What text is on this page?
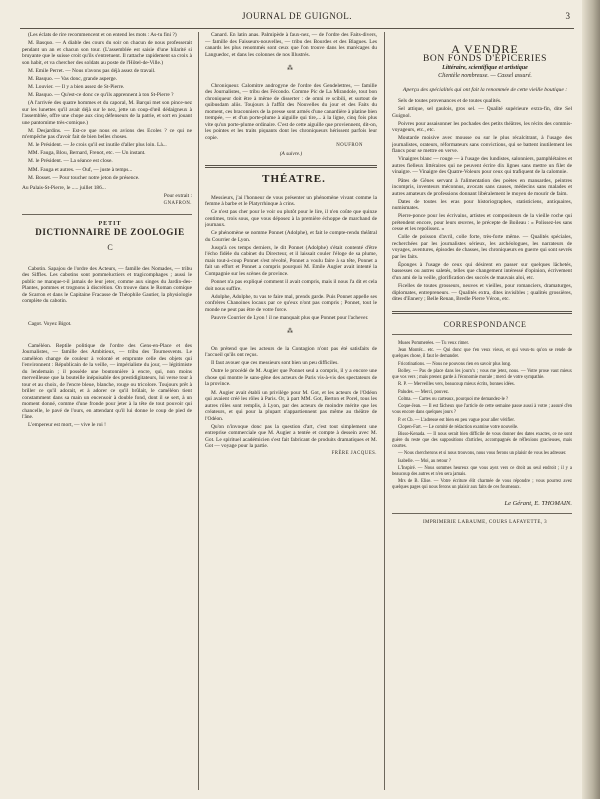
JOURNAL DE GUIGNOL.	3

(Les éclats de rire recommencent et on entend les mots : As-tu fini ?)

M. Basquo. — A diable des cours du soir on chacun de nous professerait pendant un an et chacun son tour. (L'assemblée est saisie d'une hilarité si bruyante que le suisse croit qu'ils s'entretuent. Il rattache rapidement sa croix à son habit, et va chercher des soldats au poste de l'Hôtel-de-Ville.)

M. Emile Perret. — Nous n'avons pas déjà assez de travail.

M. Basquo. — Vas donc, grande asperge.

M. Louvier. — Il y a bien assez de St-Pierre.

M. Basquo. — Qu'est-ce donc ce qu'ils apprennent à ton St-Pierre ?

(A l'arrivée des quatre hommes et du caporal, M. Barqui met son pince-nez sur les lunettes qu'il avait déjà sur le nez, jette un coup-d'œil dédaigneux à l'assemblée, offre une chope aux cinq défenseurs de la patrie, et sort en jouant une pantomime très-comique.)

M. Desjardins. — Est-ce que nous en avions des Ecoles ? ce qui ne m'empêche pas d'avoir fait de bien belles choses.

M. le Président. — Je crois qu'il est inutile d'aller plus loin. Là...

MM. Fauga, Blou, Bernard, Frenot, etc. — Un instant.

M. le Président. — La séance est close.

MM. Fauga et autres. — Ouf, — juste à temps...

M. Bosset. — Pour toucher notre jeton de présence.

Au Palais-St-Pierre, le ..... juillet 186...

Pour extrait :

GNAFRON.

PETIT

DICTIONNAIRE DE ZOOLOGIE

C

Cabotin. Sapajou de l'ordre des Acteurs, — famille des Nomades, — tribu des Siffles. Les cabotins sont pommeluctiers et tragicomphages ; aussi le public ne manque-t-il jamais de leur jeter, comme aux singes du Jardin-des-Plantes, pommes et trognons à discrétion. On trouve dans le Roman comique de Scarron et dans le Capitaine Fracasse de Théophile Gautier, la physiologie complète du cabotin.

Cagot. Voyez Bigot.

Caméléon. Reptile politique de l'ordre des Gens-en-Place et des Journalistes, — famille des Ambitieux, — tribu des Tournesvents. Le caméléon change de couleur à volonté et emprunte celle des objets qui l'environnent : Républicain de la veille, — impérialiste du jour, — légitimiste du lendemain ; il possède une boutonnière à encre, qui, non moins merveilleuse que la bouteille inépuisable des prestidigitateurs, lui verse tour à tour et au choix, de l'encre bleue, blanche, rouge ou tricolore. Toujours prêt à briller ce qu'il adorait, et à adorer ce qu'il brûlait, le caméléon tient constamment dans sa main un encensoir à double fond, dont il se sert, à un moment donné, comme d'une fronde pour jeter à la tête de tout pouvoir qui chancelle, le pavé de l'ours, en attendant qu'il lui donne le coup de pied de l'âne.

L'empereur est mort, — vive le roi !

Canard. En latin anas. Palmipède à faux-nez, — de l'ordre des Faits-divers, — famille des Faisseurs-nouvelles, — tribu des Bourdes et des Blagues. Les canards les plus renommés sont ceux que l'on trouve dans les marécages du Languedoc, et dans les colonnes de nos Illustrés.

⁂

Chroniqueur. Calomitre androgyne de l'ordre des Gendelettres, — famille des Journalistes, — tribu des Fécondo. Comme Pic de La Mirandole, tout bon chroniqueur doit être à même de disserter : de omni re scibili, et surtout de quibusdam aliis. Toujours à l'affût des Nouvelles du jour et des Faits du moment, ces braconniers de la presse sont armés d'une canardière à platine bien trempée, — et d'un porte-plume à aiguille qui tire,... à la ligne, cinq fois plus vite qu'un porte-plume ordinaire. C'est de cette aiguille que proviennent, dit-on, les pointes et les traits piquants dont les chroniqueurs hérissent parfois leur copie.

NOUFRON

(A suivre.)

THÉATRE.

Messieurs, j'ai l'honneur de vous présenter un phénomène vivant comme la femme à barbe et le Platyrrhinque à crins.

Ce n'est pas cher pour le voir ou plutôt pour le lire, il n'en coûte que quinze centimes, trois sous, que vous déposez à la première échoppe de marchand de journaux.

Ce phénomène se nomme Ponnet (Adolphe), et fait le compte-rendu théâtral du Courrier de Lyon.

Jusqu'à ces temps derniers, le dit Ponnet (Adolphe) s'était contenté d'être l'écho fidèle du cabinet du Directeur, et il laissait couler l'éloge de sa plume, mais tout-à-coup Ponnet s'est révolté, Ponnet a voulu faire à sa tête, Ponnet a fait un effort et Ponnet a compris pourquoi M. Emile Augier avait intenté la Compagnie sur les scènes de province.

Ponnet n'a pas expliqué comment il avait compris, mais il nous l'a dit et cela doit nous suffire.

Adolphe, Adolphe, tu vas te faire mal, prends garde. Puis Ponnet appelle ses confrères Chanoines locaux par ce qu'eux n'ont pas compris ; Ponnet, tout le monde ne peut pas être de votre force.

Pauvre Courrier de Lyon ! il ne manquait plus que Ponnet pour l'achever.

⁂

On prétend que les acteurs de la Contagion n'ont pas été satisfaits de l'accueil qu'ils ont reçus.

Il faut avouer que ces messieurs sont bien un peu difficiles.

Outre le procédé de M. Augier que Ponnet seul a compris, il y a encore une chose qui montre le sans-gêne des acteurs de Paris vis-à-vis des spectateurs de la province.

M. Augier avait établi un privilège pour M. Got, et les acteurs de l'Odéon qui avaient créé les rôles à Paris. Or, à part MM. Got, Berton et Porel, tous les autres rôles sont remplis, à Lyon, par des acteurs de moindre mérite que les créateurs, et qui pour la plupart n'appartiennent pas même au théâtre de l'Odéon.

Qu'on n'invoque donc pas la question d'art, c'est tout simplement une entreprise commerciale que M. Augier a tentée et compte à dessein avec M. Got. Le spirituel académicien s'est fait fabricant de produits dramatiques et M. Got — voyage pour la partie.

FRÈRE JACQUES.

A VENDRE

BON FONDS D'ÉPICERIES

Littéraire, scientifique et artistique

Clientèle nombreuse. — Cassel assuré.

Aperçu des spécialités qui ont fait la renommée de cette vieille boutique :

Sels de toutes provenances et de toutes qualités.

Sel attique, sel gaulois, gros sel. — Qualité supérieure extra-fin, dite Sel Guignol.

Poivres pour assaisonner les pochades des petits théâtres, les récits des commis-voyageurs, etc., etc.

Moutarde moisive avec mousse ou sur le plus récalcitrant, à l'usage des journalistes, orateurs, réformateurs sans convictions, qui se battent inutilement les flancs pour se mettre en verve.

Vinaigres blanc — rouge — à l'usage des lundistes, salonniers, pamphlétaires et autres fielleux littéraires qui ne peuvent écrire dix lignes sans mettre un filet de vinaigre. — Vinaigre des Quatre-Voleurs pour ceux qui trafiquent de la calomnie.

Pâtes de Gênes servant à l'alimentation des poètes en mansardes, peintres incompris, inventeurs méconnus, avocats sans causes, médecins sans malades et autres amateurs de professions donnant libéralement le moyen de mourir de faim.

Dates de toutes les eras pour historiographes, statisticiens, antiquaires, numismates.

Pierre-ponce pour les écrivains, artistes et compositeurs de la vieille roche qui prétendent encore, pour leurs œuvres, le précepte de Boileau : « Polissez-les sans cesse et les repolissez. »

Colle de poisson d'avril, colle forte, très-forte même. — Qualités spéciales, recherchées par les journalistes sérieux, les archéologues, les narrateurs de voyages, aventures, épisodes de chasses, les chroniqueurs en guerre qui sont sevrés par les faits.

Éponges à l'usage de ceux qui désirent en passer sur quelques lâchetés, bassesses ou autres saletés, telles que changement intéressé d'opinion, écrivement d'un ami de la veille, glorification des succès de mauvais aloi, etc.

Ficelles de toutes grosseurs, neuves et vieilles, pour romanciers, dramaturges, diplomates, entrepreneurs. — Qualités extra, dites invisibles ; qualités grossières, dites d'Ennery ; Belle Renan, Bredle Pierre Véron, etc.

CORRESPONDANCE

Muses Pommerées. — Tu veux rimer.

Jean Montér... etc. — Qui donc que t'en veux vieux, et qui veux-tu qu'on se rende de quelques chose, il faut le demander.

Fricotinations. — Nous ne pouvons rien en savoir plus long.

Bolley. — Pas de place dans les journ'x ; vous me jetez, nous. — Votre prose vaut mieux que vos vers ; mais prenez garde à l'économie morale ; merci de votre sympathie.

R. P. — Merveilles vers, beaucoup mieux écrits, bonnes idées.

Paludes. — Merci, pouvez.

Colma. — Cartes ou carteaux, pourquoi me demandez-le ?

Coque-Jean. — Il est fâcheux que l'article de cette semaine passe aussi à votre ; assuré d'en vous encore dans quelques jours ?

P. et Cb. — L'adresse est bien en peu vague pour aller vérifier.

Clopen-Fart. — Le comité de rédaction examine votre nouvelle.

Bisso-Kenada. — Il nous serait bien difficile de vous donner des dates exactes, ce ne sont guère du reste que des suppositions d'articles, accompagnés de réflexions gracieuses, mais courtes.

— Nous chercherons et si nous trouvons, nous vous ferons un plaisir de vous les adresser.

Isabelle. — Moi, au retour ?

L'Inspiré. — Nous sommes heureux que vous ayez vers ce droit au seul endroit ; il y a beaucoup des autres et n'en sera jamais.

Mrs de B. Elise. — Votre écriture élit charmée de vous répondre ; vous pourrez avez quelques pages qui nous ferons un plaisir aux faits de ces fourneaux.

Le Gérant, E. THOMAIN.

IMPRIMERIE LABAUME, COURS LAFAYETTE, 3
